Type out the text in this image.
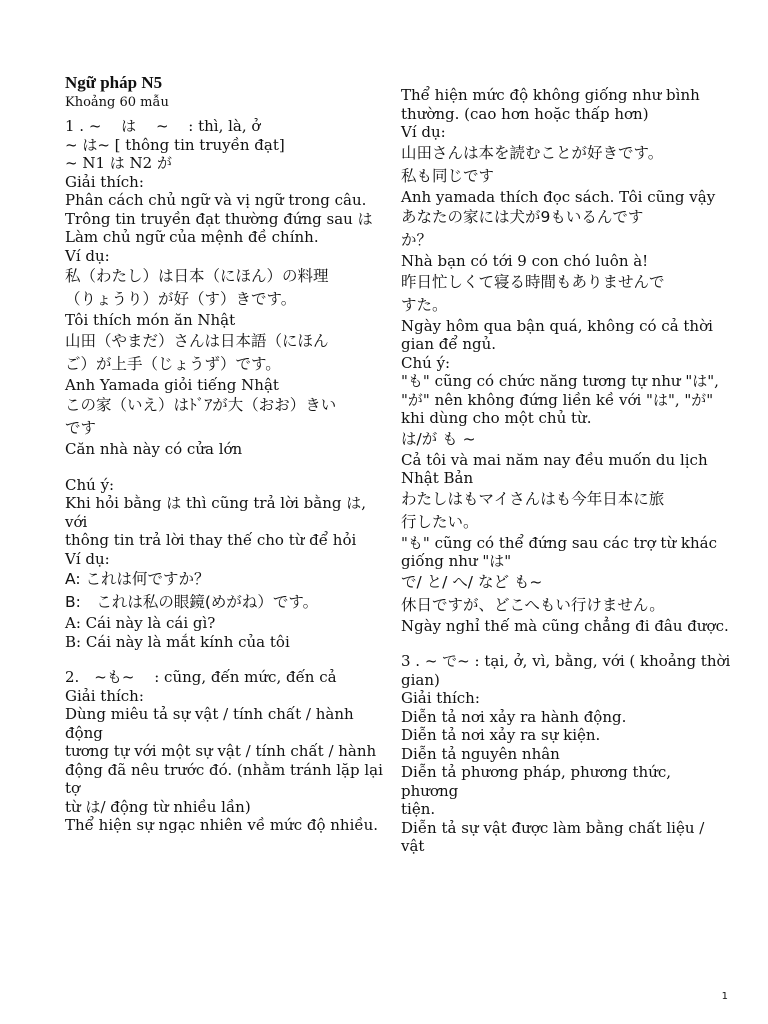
Ngữ pháp N5
Khoảng 60 mẫu
1 . ~　 は　 ~　 : thì, là, ở
~ は~ [ thông tin truyền đạt]
~ N1 は N2 が
Giải thích:
Phân cách chủ ngữ và vị ngữ trong câu.
Trông tin truyền đạt thường đứng sau は
Làm chủ ngữ của mệnh đề chính.
Ví dụ:
私（わたし）は日本（にほん）の料理
（りょうり）が好（す）きです。
Tôi thích món ăn Nhật
山田（やまだ）さんは日本語（にほん
ご）が上手（じょうず）です。
Anh Yamada giỏi tiếng Nhật
この家（いえ）はﾄﾞｱが大（おお）きい
です
Căn nhà này có cửa lớn
Chú ý:
Khi hỏi bằng は thì cũng trả lời bằng は, với
thông tin trả lời thay thế cho từ để hỏi
Ví dụ:
A: これは何ですか？
B:　これは私の眼鏡(めがね）です。
A: Cái này là cái gì?
B: Cái này là mắt kính của tôi
2.　~も~　 : cũng, đến mức, đến cả
Giải thích:
Dùng miêu tả sự vật / tính chất / hành động
tương tự với một sự vật / tính chất / hành
động đã nêu trước đó. (nhằm tránh lặp lại tợ
từ は/ động từ nhiều lần)
Thể hiện sự ngạc nhiên về mức độ nhiều.
Thể hiện mức độ không giống như bình
thường. (cao hơn hoặc thấp hơn)
Ví dụ:
山田さんは本を読むことが好きです。
私も同じです
Anh yamada thích đọc sách. Tôi cũng vậy
あなたの家には犬が9もいるんです
か？
Nhà bạn có tới 9 con chó luôn à!
昨日忙しくて寝る時間もありませんで
すた。
Ngày hôm qua bận quá, không có cả thời
gian để ngủ.
Chú ý:
"も" cũng có chức năng tương tự như "は",
"が" nên không đứng liền kề với "は", "が"
khi dùng cho một chủ từ.
は/が も ~
Cả tôi và mai năm nay đều muốn du lịch
Nhật Bản
わたしはもマイさんはも今年日本に旅
行したい。
"も" cũng có thể đứng sau các trợ từ khác
giống như "は"
で/ と/ へ/ など も~
休日ですが、どこへもい行けません。
Ngày nghỉ thế mà cũng chẳng đi đâu được.
3 . ~ で~ : tại, ở, vì, bằng, với ( khoảng thời
gian)
Giải thích:
Diễn tả nơi xảy ra hành động.
Diễn tả nơi xảy ra sự kiện.
Diễn tả nguyên nhân
Diễn tả phương pháp, phương thức, phương
tiện.
Diễn tả sự vật được làm bằng chất liệu / vật
1
